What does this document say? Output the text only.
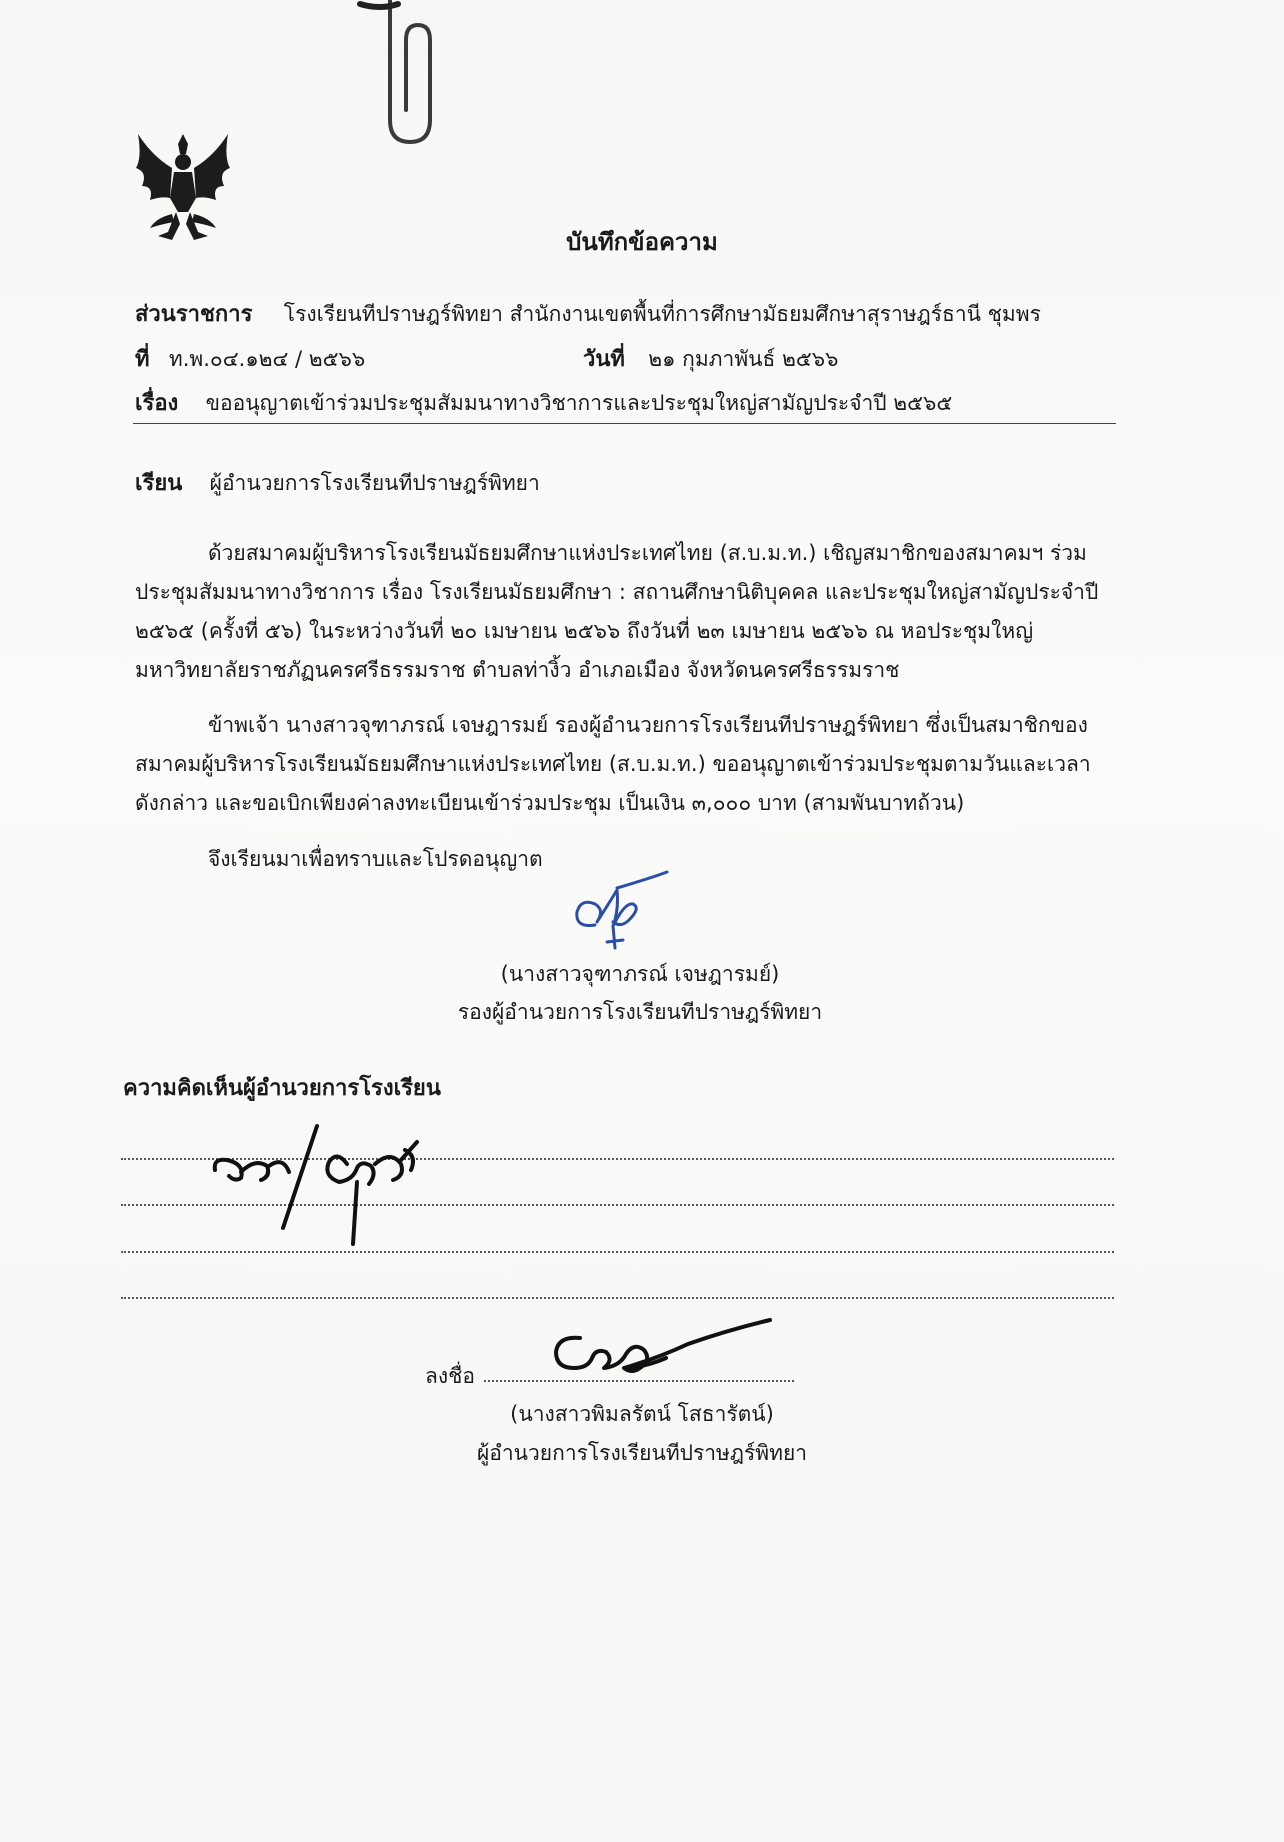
บันทึกข้อความ
ส่วนราชการ โรงเรียนทีปราษฎร์พิทยา สำนักงานเขตพื้นที่การศึกษามัธยมศึกษาสุราษฎร์ธานี ชุมพร
ที่ ท.พ.๐๔.๑๒๔ / ๒๕๖๖	วันที่ ๒๑ กุมภาพันธ์ ๒๕๖๖
เรื่อง ขออนุญาตเข้าร่วมประชุมสัมมนาทางวิชาการและประชุมใหญ่สามัญประจำปี ๒๕๖๕
เรียน ผู้อำนวยการโรงเรียนทีปราษฎร์พิทยา
ด้วยสมาคมผู้บริหารโรงเรียนมัธยมศึกษาแห่งประเทศไทย (ส.บ.ม.ท.) เชิญสมาชิกของสมาคมฯ ร่วม
ประชุมสัมมนาทางวิชาการ เรื่อง โรงเรียนมัธยมศึกษา : สถานศึกษานิติบุคคล และประชุมใหญ่สามัญประจำปี
๒๕๖๕ (ครั้งที่ ๕๖) ในระหว่างวันที่ ๒๐ เมษายน ๒๕๖๖ ถึงวันที่ ๒๓ เมษายน ๒๕๖๖ ณ หอประชุมใหญ่
มหาวิทยาลัยราชภัฏนครศรีธรรมราช ตำบลท่างิ้ว อำเภอเมือง จังหวัดนครศรีธรรมราช
ข้าพเจ้า นางสาวจุฑาภรณ์ เจษฎารมย์ รองผู้อำนวยการโรงเรียนทีปราษฎร์พิทยา ซึ่งเป็นสมาชิกของ
สมาคมผู้บริหารโรงเรียนมัธยมศึกษาแห่งประเทศไทย (ส.บ.ม.ท.) ขออนุญาตเข้าร่วมประชุมตามวันและเวลา
ดังกล่าว และขอเบิกเพียงค่าลงทะเบียนเข้าร่วมประชุม เป็นเงิน ๓,๐๐๐ บาท (สามพันบาทถ้วน)
จึงเรียนมาเพื่อทราบและโปรดอนุญาต
(นางสาวจุฑาภรณ์ เจษฎารมย์)
รองผู้อำนวยการโรงเรียนทีปราษฎร์พิทยา
ความคิดเห็นผู้อำนวยการโรงเรียน
ลงชื่อ
(นางสาวพิมลรัตน์ โสธารัตน์)
ผู้อำนวยการโรงเรียนทีปราษฎร์พิทยา
